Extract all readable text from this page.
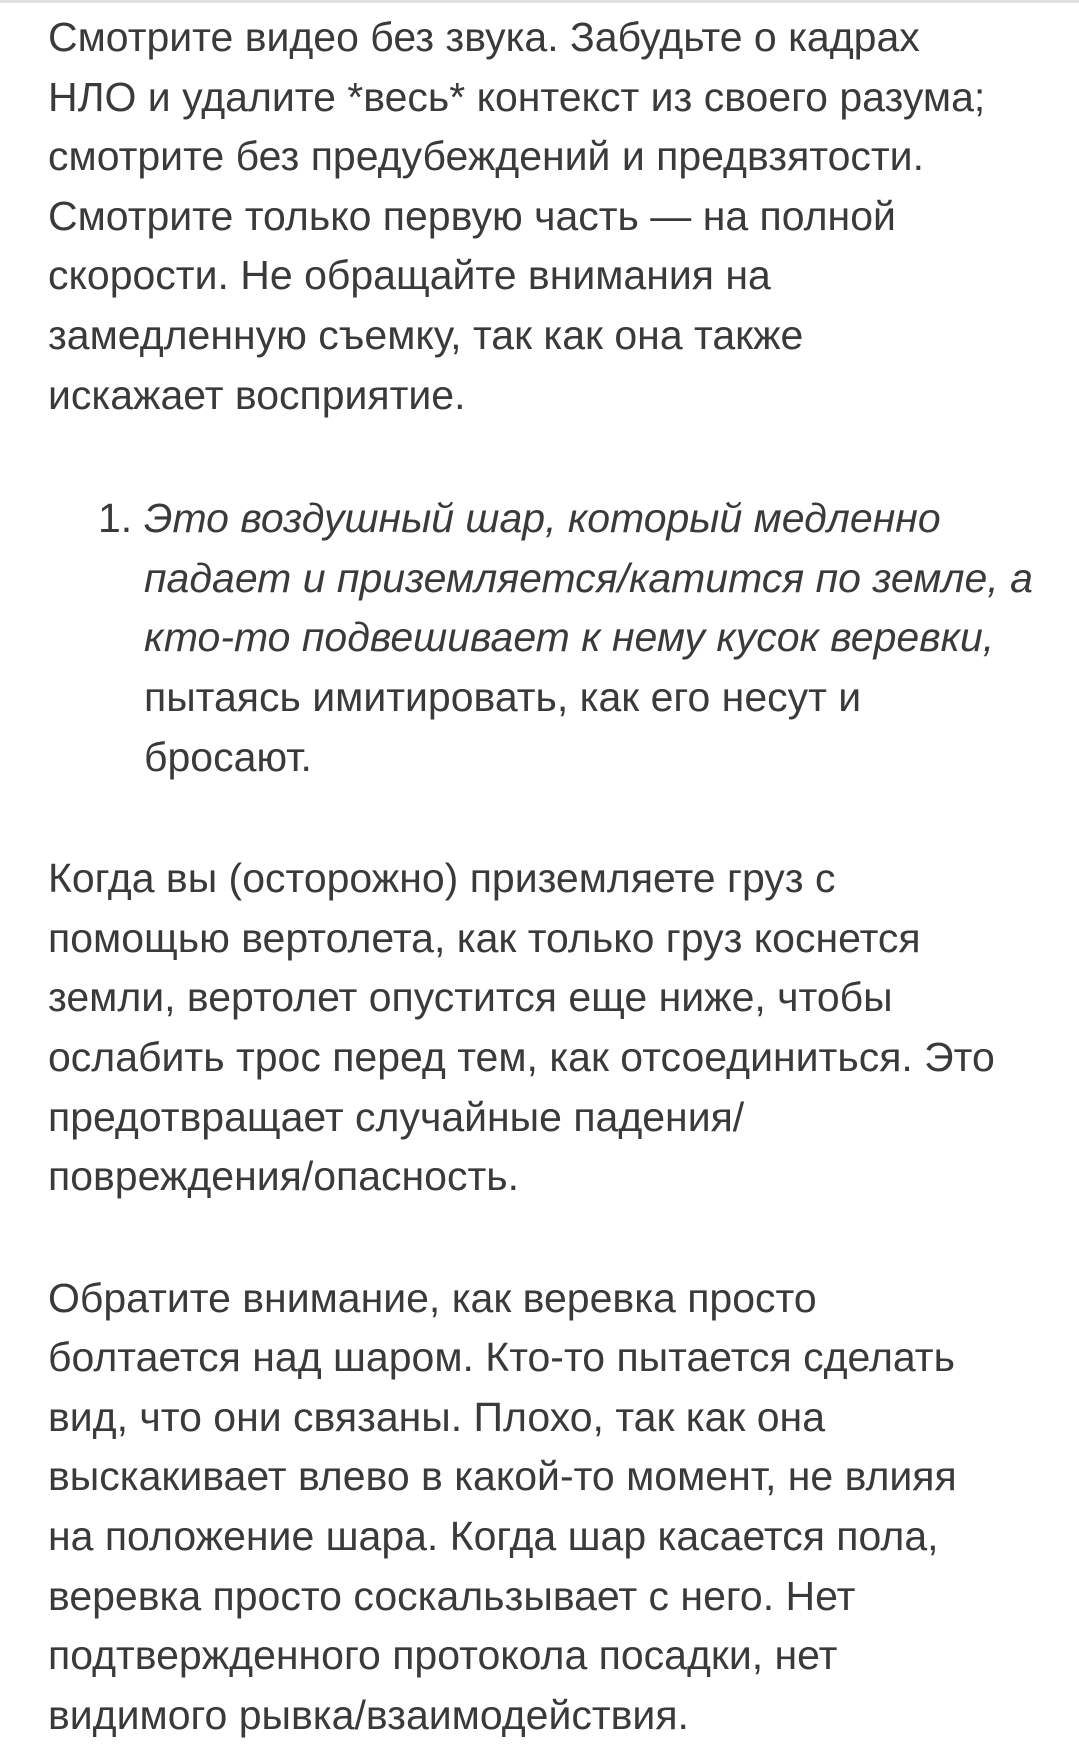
Смотрите видео без звука. Забудьте о кадрах
НЛО и удалите *весь* контекст из своего разума;
смотрите без предубеждений и предвзятости.
Смотрите только первую часть — на полной
скорости. Не обращайте внимания на
замедленную съемку, так как она также
искажает восприятие.

1. Это воздушный шар, который медленно
падает и приземляется/катится по земле, а
кто-то подвешивает к нему кусок веревки,
пытаясь имитировать, как его несут и
бросают.

Когда вы (осторожно) приземляете груз с
помощью вертолета, как только груз коснется
земли, вертолет опустится еще ниже, чтобы
ослабить трос перед тем, как отсоединиться. Это
предотвращает случайные падения/
повреждения/опасность.

Обратите внимание, как веревка просто
болтается над шаром. Кто-то пытается сделать
вид, что они связаны. Плохо, так как она
выскакивает влево в какой-то момент, не влияя
на положение шара. Когда шар касается пола,
веревка просто соскальзывает с него. Нет
подтвержденного протокола посадки, нет
видимого рывка/взаимодействия.
